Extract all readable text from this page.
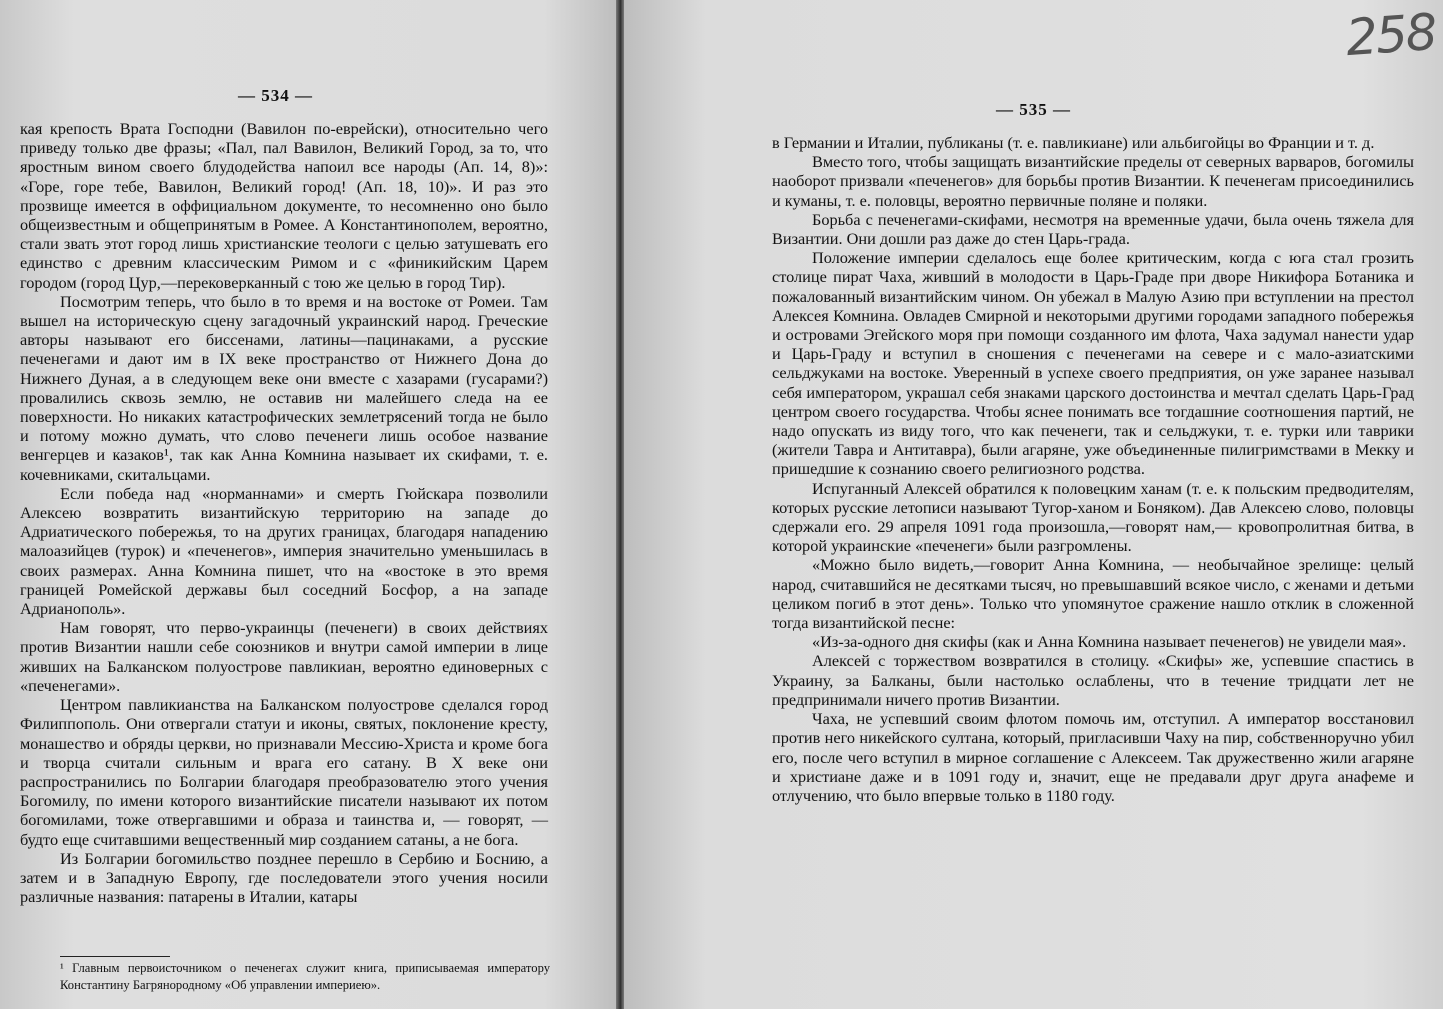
— 534 —

кая крепость Врата Господни (Вавилон по-еврейски), относительно чего приведу только две фразы; «Пал, пал Вавилон, Великий Город, за то, что яростным вином своего блудодейства напоил все народы (Ап. 14, 8)»: «Горе, горе тебе, Вавилон, Великий город! (Ап. 18, 10)». И раз это прозвище имеется в оффициальном документе, то несомненно оно было общеизвестным и общепринятым в Ромее. А Константинополем, вероятно, стали звать этот город лишь христианские теологи с целью затушевать его единство с древним классическим Римом и с «финикийским Царем городом (город Цур,—перековерканный с тою же целью в город Тир).

Посмотрим теперь, что было в то время и на востоке от Ромеи. Там вышел на историческую сцену загадочный украинский народ. Греческие авторы называют его биссенами, латины—пацинаками, а русские печенегами и дают им в IX веке пространство от Нижнего Дона до Нижнего Дуная, а в следующем веке они вместе с хазарами (гусарами?) провалились сквозь землю, не оставив ни малейшего следа на ее поверхности. Но никаких катастрофических землетрясений тогда не было и потому можно думать, что слово печенеги лишь особое название венгерцев и казаков¹, так как Анна Комнина называет их скифами, т. е. кочевниками, скитальцами.

Если победа над «норманнами» и смерть Гюйскара позволили Алексею возвратить византийскую территорию на западе до Адриатического побережья, то на других границах, благодаря нападению малоазийцев (турок) и «печенегов», империя значительно уменьшилась в своих размерах. Анна Комнина пишет, что на «востоке в это время границей Ромейской державы был соседний Босфор, а на западе Адрианополь».

Нам говорят, что перво-украинцы (печенеги) в своих действиях против Византии нашли себе союзников и внутри самой империи в лице живших на Балканском полуострове павликиан, вероятно единоверных с «печенегами».

Центром павликианства на Балканском полуострове сделался город Филиппополь. Они отвергали статуи и иконы, святых, поклонение кресту, монашество и обряды церкви, но признавали Мессию-Христа и кроме бога и творца считали сильным и врага его сатану. В X веке они распространились по Болгарии благодаря преобразователю этого учения Богомилу, по имени которого византийские писатели называют их потом богомилами, тоже отвергавшими и образа и таинства и, — говорят, — будто еще считавшими вещественный мир созданием сатаны, а не бога.

Из Болгарии богомильство позднее перешло в Сербию и Боснию, а затем и в Западную Европу, где последователи этого учения носили различные названия: патарены в Италии, катары

¹ Главным первоисточником о печенегах служит книга, приписываемая императору Константину Багрянородному «Об управлении империею».
258
— 535 —

в Германии и Италии, публиканы (т. е. павликиане) или альбигойцы во Франции и т. д.

Вместо того, чтобы защищать византийские пределы от северных варваров, богомилы наоборот призвали «печенегов» для борьбы против Византии. К печенегам присоединились и куманы, т. е. половцы, вероятно первичные поляне и поляки.

Борьба с печенегами-скифами, несмотря на временные удачи, была очень тяжела для Византии. Они дошли раз даже до стен Царь-града.

Положение империи сделалось еще более критическим, когда с юга стал грозить столице пират Чаха, живший в молодости в Царь-Граде при дворе Никифора Ботаника и пожалованный византийским чином. Он убежал в Малую Азию при вступлении на престол Алексея Комнина. Овладев Смирной и некоторыми другими городами западного побережья и островами Эгейского моря при помощи созданного им флота, Чаха задумал нанести удар и Царь-Граду и вступил в сношения с печенегами на севере и с мало-азиатскими сельджуками на востоке. Уверенный в успехе своего предприятия, он уже заранее называл себя императором, украшал себя знаками царского достоинства и мечтал сделать Царь-Град центром своего государства. Чтобы яснее понимать все тогдашние соотношения партий, не надо опускать из виду того, что как печенеги, так и сельджуки, т. е. турки или таврики (жители Тавра и Антитавра), были агаряне, уже объединенные пилигримствами в Мекку и пришедшие к сознанию своего религиозного родства.

Испуганный Алексей обратился к половецким ханам (т. е. к польским предводителям, которых русские летописи называют Тугор-ханом и Боняком). Дав Алексею слово, половцы сдержали его. 29 апреля 1091 года произошла,—говорят нам,— кровопролитная битва, в которой украинские «печенеги» были разгромлены.

«Можно было видеть,—говорит Анна Комнина, — необычайное зрелище: целый народ, считавшийся не десятками тысяч, но превышавший всякое число, с женами и детьми целиком погиб в этот день». Только что упомянутое сражение нашло отклик в сложенной тогда византийской песне:

«Из-за-одного дня скифы (как и Анна Комнина называет печенегов) не увидели мая».

Алексей с торжеством возвратился в столицу. «Скифы» же, успевшие спастись в Украину, за Балканы, были настолько ослаблены, что в течение тридцати лет не предпринимали ничего против Византии.

Чаха, не успевший своим флотом помочь им, отступил. А император восстановил против него никейского султана, который, пригласивши Чаху на пир, собственноручно убил его, после чего вступил в мирное соглашение с Алексеем. Так дружественно жили агаряне и христиане даже и в 1091 году и, значит, еще не предавали друг друга анафеме и отлучению, что было впервые только в 1180 году.
